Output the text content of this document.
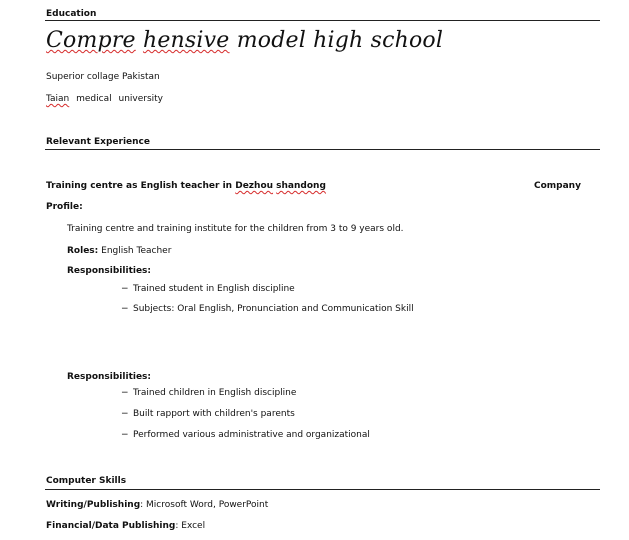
Education
Compre hensive model high school
Superior collage Pakistan
Taian medical university
Relevant Experience
Training centre as English teacher in Dezhou shandong	Company
Profile:
Training centre and training institute for the children from 3 to 9 years old.
Roles: English Teacher
Responsibilities:
− Trained student in English discipline
− Subjects: Oral English, Pronunciation and Communication Skill
Responsibilities:
− Trained children in English discipline
− Built rapport with children's parents
− Performed various administrative and organizational
Computer Skills
Writing/Publishing: Microsoft Word, PowerPoint
Financial/Data Publishing: Excel
